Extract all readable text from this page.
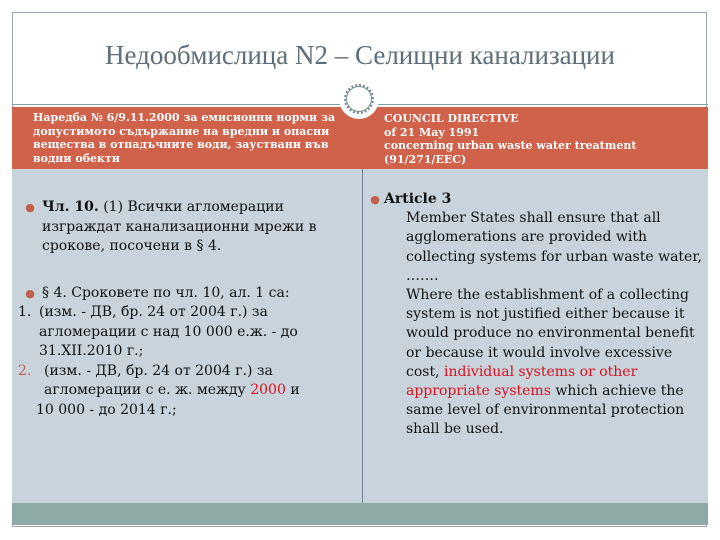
Недообмислица N2 – Селищни канализации
Наредба № 6/9.11.2000 за емисионни норми за допустимото съдържание на вредни и опасни вещества в отпадъчните води, зауствани във водни обекти
COUNCIL DIRECTIVE
of 21 May 1991
concerning urban waste water treatment
(91/271/EEC)
● Чл. 10. (1) Всички агломерации изграждат канализационни мрежи в срокове, посочени в § 4.

● § 4. Сроковете по чл. 10, ал. 1 са:

1. (изм. - ДВ, бр. 24 от 2004 г.) за агломерации с над 10 000 е.ж. - до 31.XII.2010 г.;

2. (изм. - ДВ, бр. 24 от 2004 г.) за агломерации с е. ж. между 2000 и

10 000 - до 2014 г.;

● Article 3

Member States shall ensure that all agglomerations are provided with collecting systems for urban waste water,

…….

Where the establishment of a collecting system is not justified either because it would produce no environmental benefit or because it would involve excessive cost, individual systems or other appropriate systems which achieve the same level of environmental protection shall be used.
